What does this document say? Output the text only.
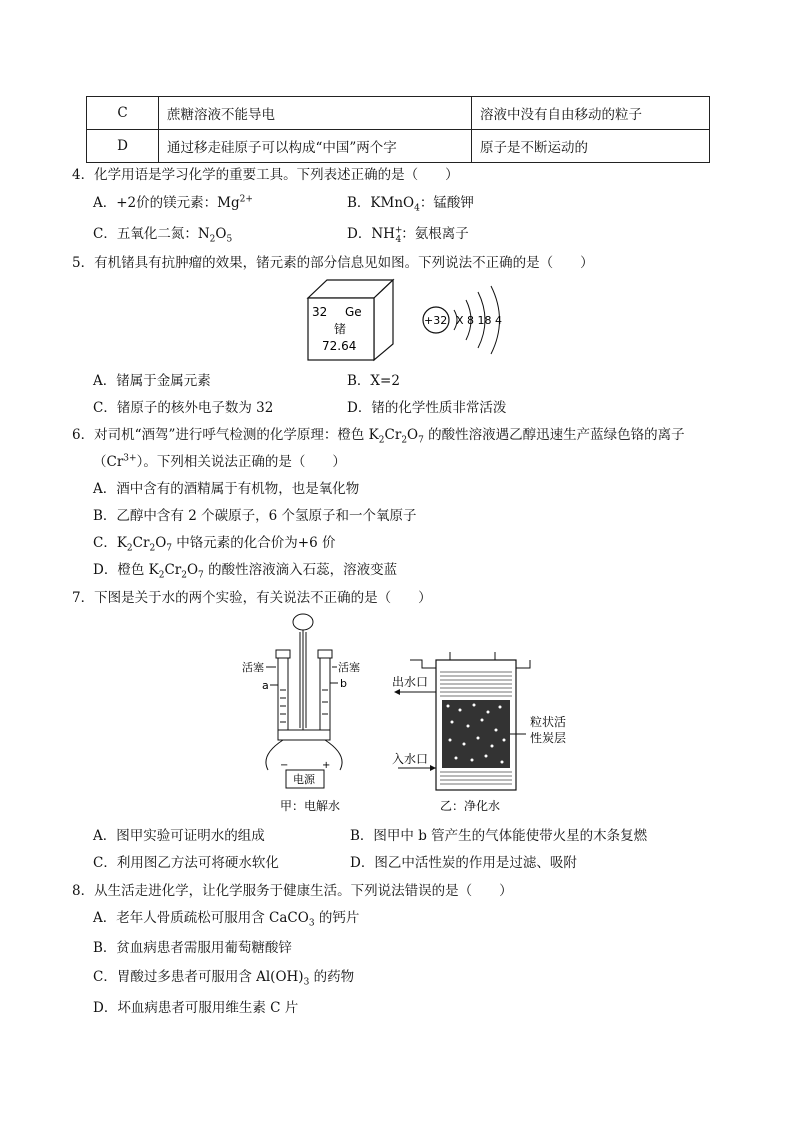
C	蔗糖溶液不能导电	溶液中没有自由移动的粒子
D	通过移走硅原子可以构成“中国”两个字	原子是不断运动的
4．化学用语是学习化学的重要工具。下列表述正确的是（　　）
A．+2价的镁元素：$Mg^{2+}$	B．KMnO$_4$：锰酸钾
C．五氧化二氮：$N_2O_5$	D．$NH^+_4$：氨根离子
5．有机锗具有抗肿瘤的效果，锗元素的部分信息见如图。下列说法不正确的是（　　）
32 Ge
锗
72.64
+32 X 8 18 4
A．锗属于金属元素	B．X=2
C．锗原子的核外电子数为 32	D．锗的化学性质非常活泼
6．对司机“酒驾”进行呼气检测的化学原理：橙色 $K_2Cr_2O_7$ 的酸性溶液遇乙醇迅速生产蓝绿色铬的离子
$(Cr^{3+})$。下列相关说法正确的是（　　）
A．酒中含有的酒精属于有机物，也是氧化物
B．乙醇中含有 2 个碳原子，6 个氢原子和一个氧原子
C．$K_2Cr_2O_7$ 中铬元素的化合价为+6 价
D．橙色 $K_2Cr_2O_7$ 的酸性溶液滴入石蕊，溶液变蓝
7．下图是关于水的两个实验，有关说法不正确的是（　　）
活塞	活塞
a	b
电源
−	+
甲：电解水
出水口
入水口
粒状活
性炭层
乙：净化水
A．图甲实验可证明水的组成	B．图甲中 b 管产生的气体能使带火星的木条复燃
C．利用图乙方法可将硬水软化	D．图乙中活性炭的作用是过滤、吸附
8．从生活走进化学，让化学服务于健康生活。下列说法错误的是（　　）
A．老年人骨质疏松可服用含 CaCO$_3$ 的钙片
B．贫血病患者需服用葡萄糖酸锌
C．胃酸过多患者可服用含 $Al(OH)_3$ 的药物
D．坏血病患者可服用维生素 C 片
